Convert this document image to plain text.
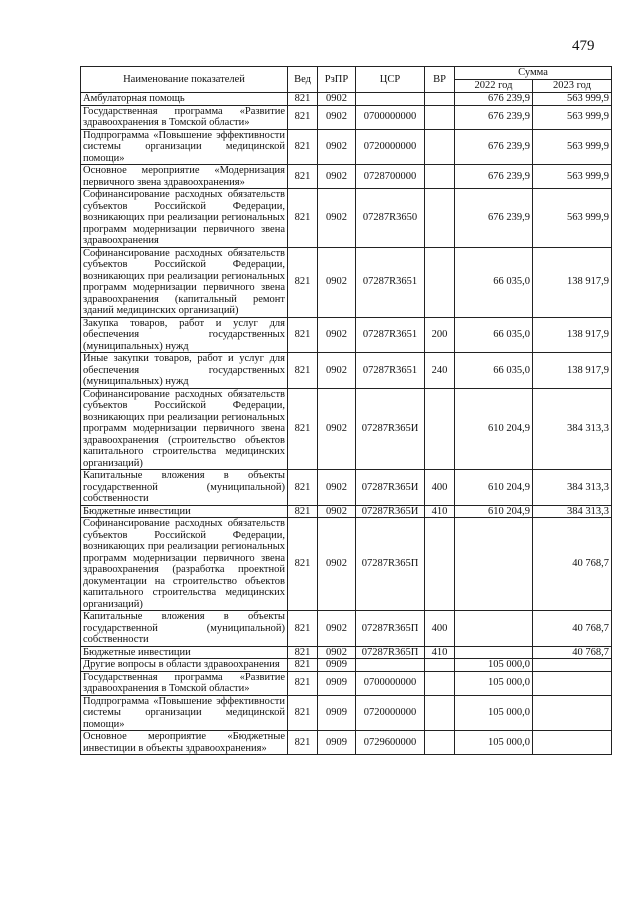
479
Наименование показателей	Вед	РзПР	ЦСР	ВР	Сумма	
					2022 год	2023 год
Амбулаторная помощь	821	0902			676 239,9	563 999,9
Государственная программа «Развитие здравоохранения в Томской области»	821	0902	0700000000		676 239,9	563 999,9
Подпрограмма «Повышение эффективности системы организации медицинской помощи»	821	0902	0720000000		676 239,9	563 999,9
Основное мероприятие «Модернизация первичного звена здравоохранения»	821	0902	0728700000		676 239,9	563 999,9
Софинансирование расходных обязательств субъектов Российской Федерации, возникающих при реализации региональных программ модернизации первичного звена здравоохранения	821	0902	07287R3650		676 239,9	563 999,9
Софинансирование расходных обязательств субъектов Российской Федерации, возникающих при реализации региональных программ модернизации первичного звена здравоохранения (капитальный ремонт зданий медицинских организаций)	821	0902	07287R3651		66 035,0	138 917,9
Закупка товаров, работ и услуг для обеспечения государственных (муниципальных) нужд	821	0902	07287R3651	200	66 035,0	138 917,9
Иные закупки товаров, работ и услуг для обеспечения государственных (муниципальных) нужд	821	0902	07287R3651	240	66 035,0	138 917,9
Софинансирование расходных обязательств субъектов Российской Федерации, возникающих при реализации региональных программ модернизации первичного звена здравоохранения (строительство объектов капитального строительства медицинских организаций)	821	0902	07287R365И		610 204,9	384 313,3
Капитальные вложения в объекты государственной (муниципальной) собственности	821	0902	07287R365И	400	610 204,9	384 313,3
Бюджетные инвестиции	821	0902	07287R365И	410	610 204,9	384 313,3
Софинансирование расходных обязательств субъектов Российской Федерации, возникающих при реализации региональных программ модернизации первичного звена здравоохранения (разработка проектной документации на строительство объектов капитального строительства медицинских организаций)	821	0902	07287R365П			40 768,7
Капитальные вложения в объекты государственной (муниципальной) собственности	821	0902	07287R365П	400		40 768,7
Бюджетные инвестиции	821	0902	07287R365П	410		40 768,7
Другие вопросы в области здравоохранения	821	0909			105 000,0	
Государственная программа «Развитие здравоохранения в Томской области»	821	0909	0700000000		105 000,0	
Подпрограмма «Повышение эффективности системы организации медицинской помощи»	821	0909	0720000000		105 000,0	
Основное мероприятие «Бюджетные инвестиции в объекты здравоохранения»	821	0909	0729600000		105 000,0	
